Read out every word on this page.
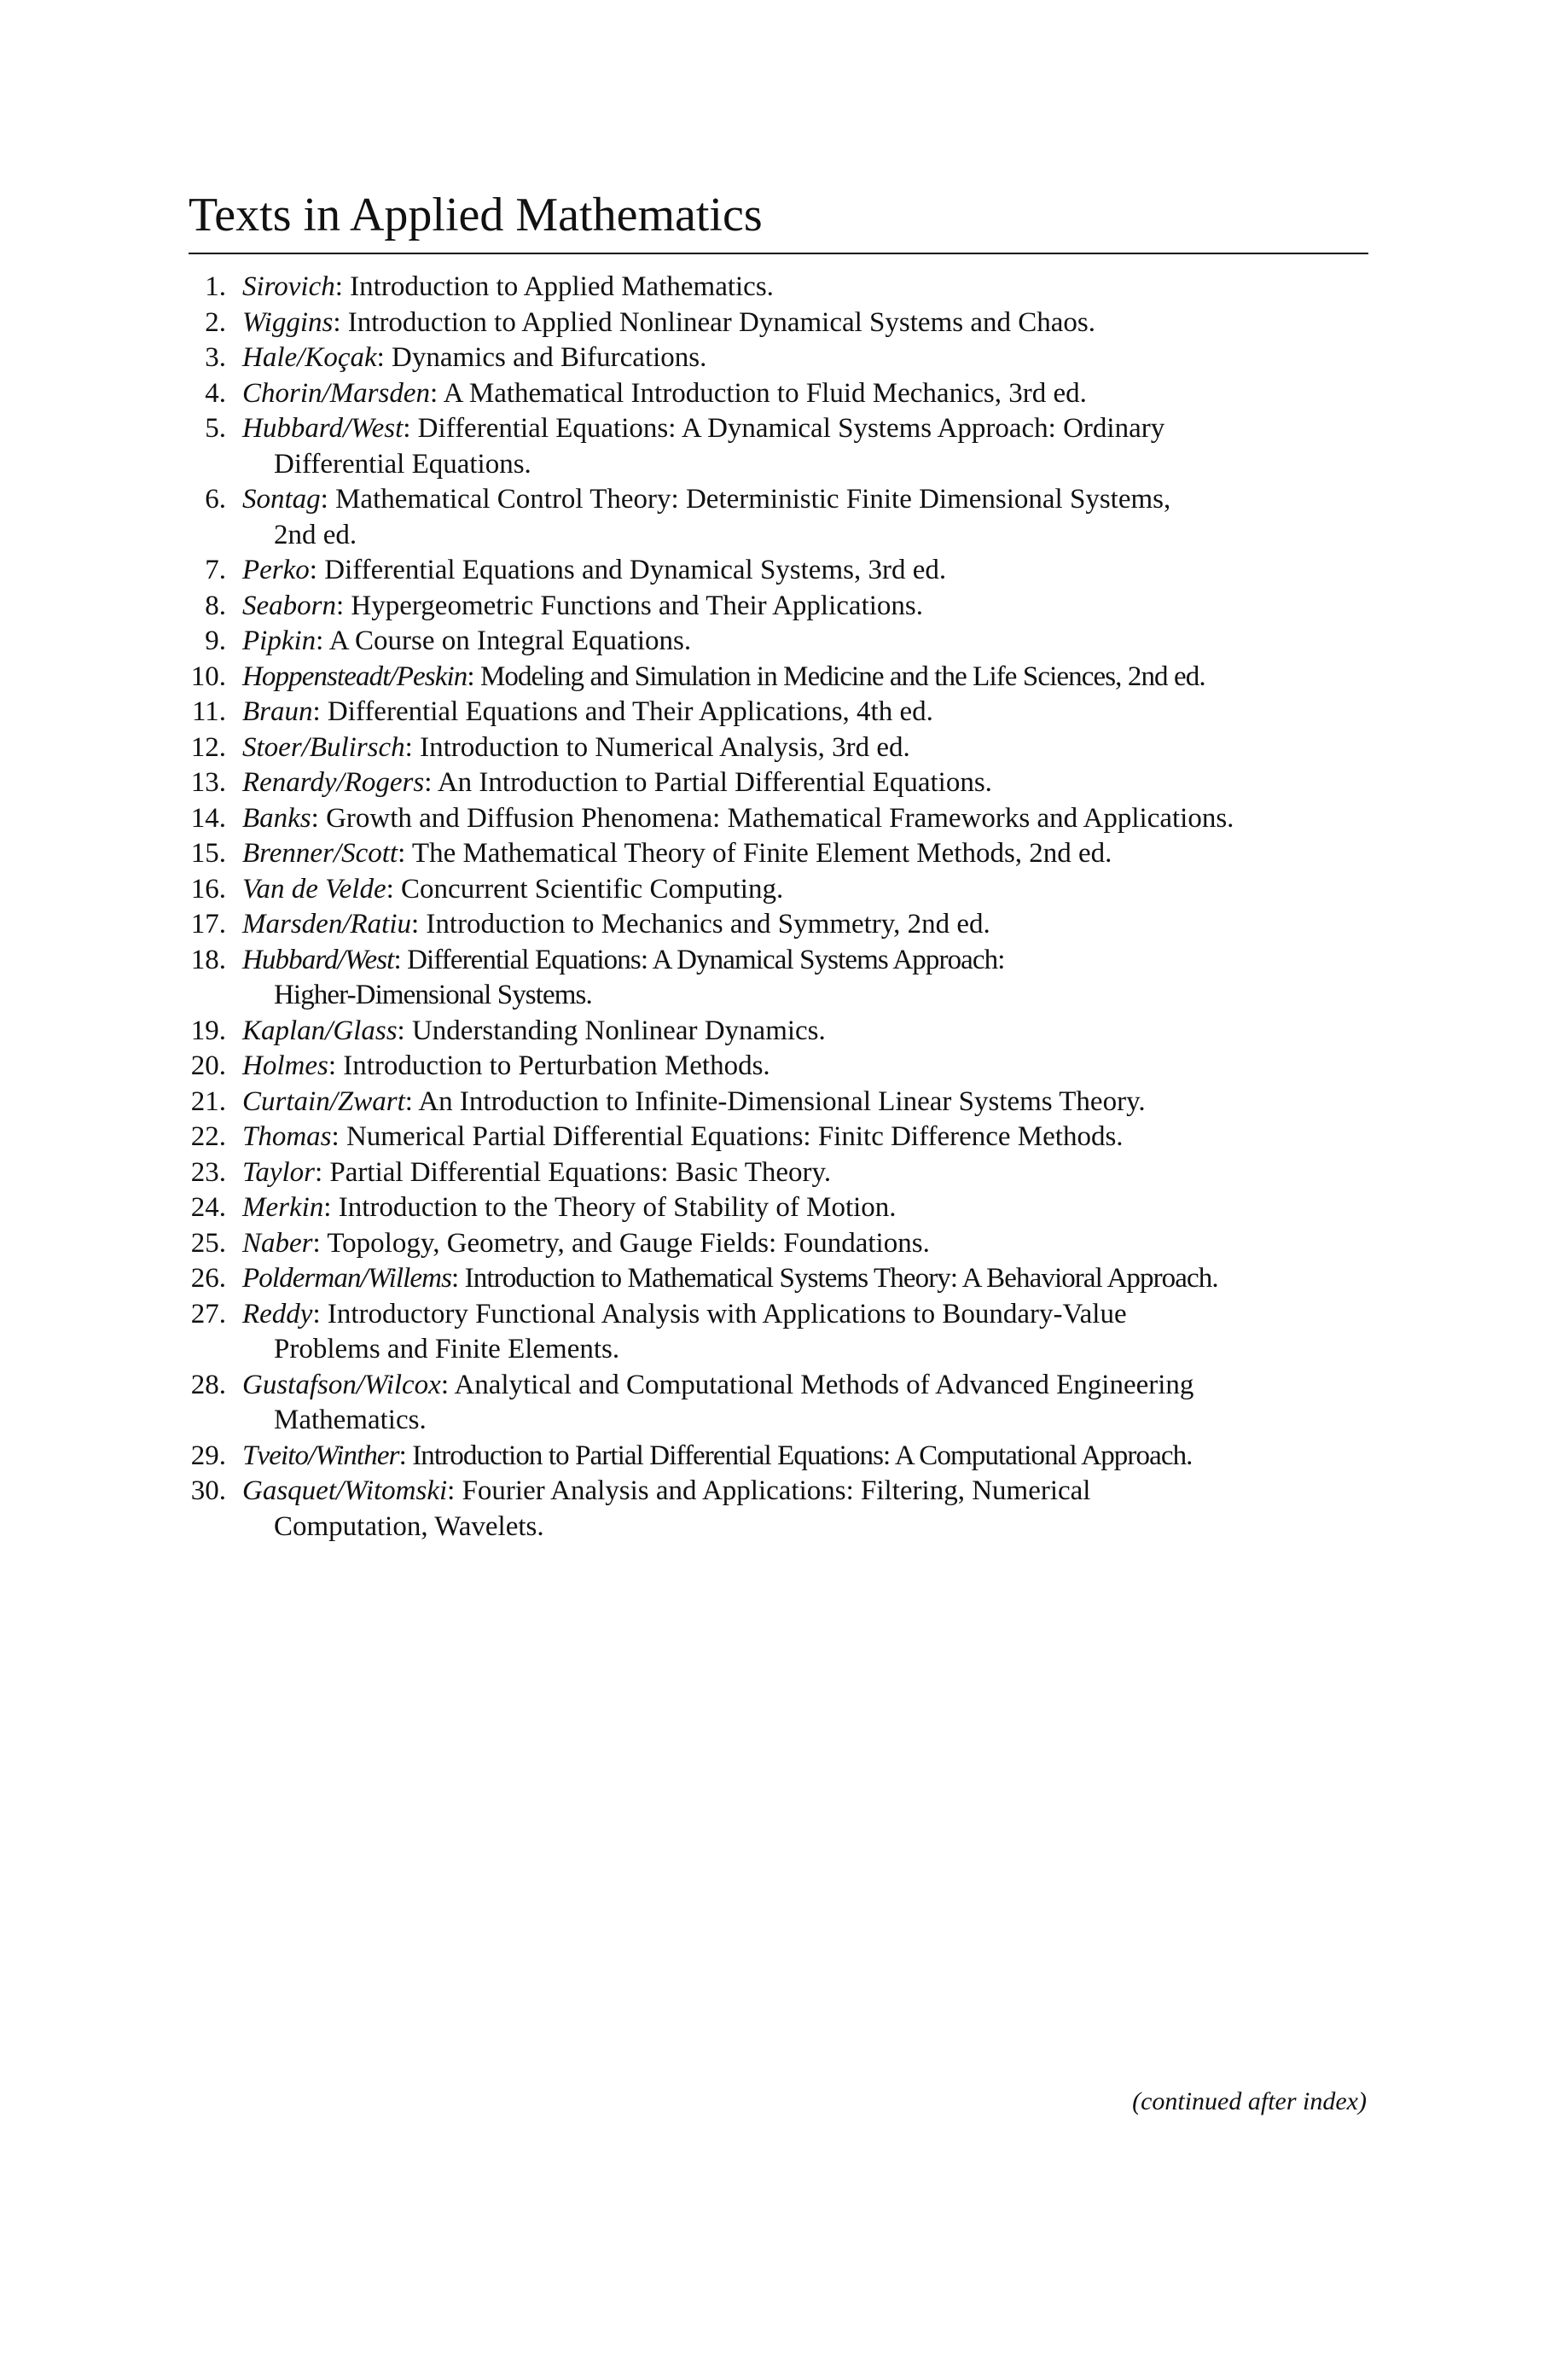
Texts in Applied Mathematics
1. Sirovich: Introduction to Applied Mathematics.
2. Wiggins: Introduction to Applied Nonlinear Dynamical Systems and Chaos.
3. Hale/Koçak: Dynamics and Bifurcations.
4. Chorin/Marsden: A Mathematical Introduction to Fluid Mechanics, 3rd ed.
5. Hubbard/West: Differential Equations: A Dynamical Systems Approach: Ordinary
Differential Equations.
6. Sontag: Mathematical Control Theory: Deterministic Finite Dimensional Systems,
2nd ed.
7. Perko: Differential Equations and Dynamical Systems, 3rd ed.
8. Seaborn: Hypergeometric Functions and Their Applications.
9. Pipkin: A Course on Integral Equations.
10. Hoppensteadt/Peskin: Modeling and Simulation in Medicine and the Life Sciences, 2nd ed.
11. Braun: Differential Equations and Their Applications, 4th ed.
12. Stoer/Bulirsch: Introduction to Numerical Analysis, 3rd ed.
13. Renardy/Rogers: An Introduction to Partial Differential Equations.
14. Banks: Growth and Diffusion Phenomena: Mathematical Frameworks and Applications.
15. Brenner/Scott: The Mathematical Theory of Finite Element Methods, 2nd ed.
16. Van de Velde: Concurrent Scientific Computing.
17. Marsden/Ratiu: Introduction to Mechanics and Symmetry, 2nd ed.
18. Hubbard/West: Differential Equations: A Dynamical Systems Approach:
Higher-Dimensional Systems.
19. Kaplan/Glass: Understanding Nonlinear Dynamics.
20. Holmes: Introduction to Perturbation Methods.
21. Curtain/Zwart: An Introduction to Infinite-Dimensional Linear Systems Theory.
22. Thomas: Numerical Partial Differential Equations: Finitc Difference Methods.
23. Taylor: Partial Differential Equations: Basic Theory.
24. Merkin: Introduction to the Theory of Stability of Motion.
25. Naber: Topology, Geometry, and Gauge Fields: Foundations.
26. Polderman/Willems: Introduction to Mathematical Systems Theory: A Behavioral Approach.
27. Reddy: Introductory Functional Analysis with Applications to Boundary-Value
Problems and Finite Elements.
28. Gustafson/Wilcox: Analytical and Computational Methods of Advanced Engineering
Mathematics.
29. Tveito/Winther: Introduction to Partial Differential Equations: A Computational Approach.
30. Gasquet/Witomski: Fourier Analysis and Applications: Filtering, Numerical
Computation, Wavelets.
(continued after index)
